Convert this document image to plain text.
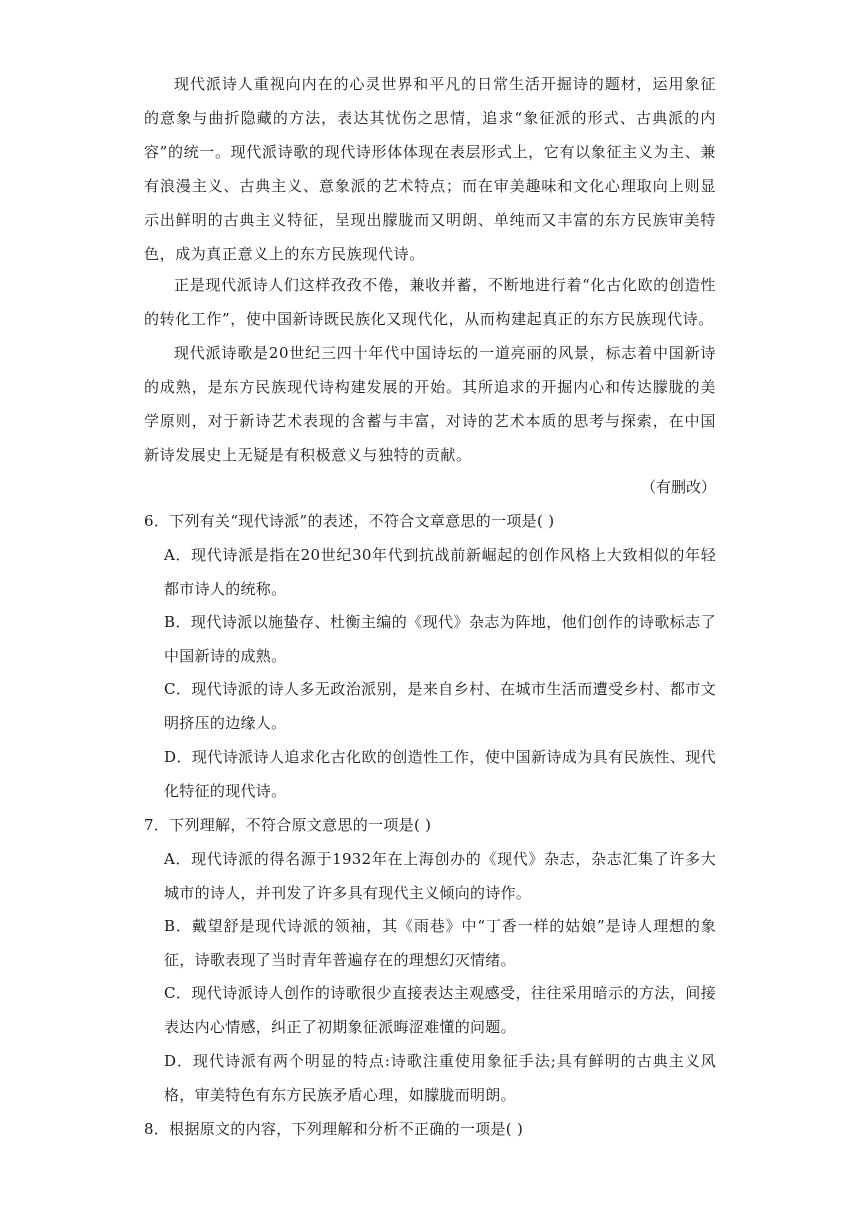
现代派诗人重视向内在的心灵世界和平凡的日常生活开掘诗的题材，运用象征的意象与曲折隐藏的方法，表达其忧伤之思情，追求“象征派的形式、古典派的内容”的统一。现代派诗歌的现代诗形体体现在表层形式上，它有以象征主义为主、兼有浪漫主义、古典主义、意象派的艺术特点；而在审美趣味和文化心理取向上则显示出鲜明的古典主义特征，呈现出朦胧而又明朗、单纯而又丰富的东方民族审美特色，成为真正意义上的东方民族现代诗。

正是现代派诗人们这样孜孜不倦，兼收并蓄，不断地进行着“化古化欧的创造性的转化工作”，使中国新诗既民族化又现代化，从而构建起真正的东方民族现代诗。

现代派诗歌是20世纪三四十年代中国诗坛的一道亮丽的风景，标志着中国新诗的成熟，是东方民族现代诗构建发展的开始。其所追求的开掘内心和传达朦胧的美学原则，对于新诗艺术表现的含蓄与丰富，对诗的艺术本质的思考与探索，在中国新诗发展史上无疑是有积极意义与独特的贡献。

（有删改）

6．下列有关“现代诗派”的表述，不符合文章意思的一项是( )

A．现代诗派是指在20世纪30年代到抗战前新崛起的创作风格上大致相似的年轻都市诗人的统称。

B．现代诗派以施蛰存、杜衡主编的《现代》杂志为阵地，他们创作的诗歌标志了中国新诗的成熟。

C．现代诗派的诗人多无政治派别，是来自乡村、在城市生活而遭受乡村、都市文明挤压的边缘人。

D．现代诗派诗人追求化古化欧的创造性工作，使中国新诗成为具有民族性、现代化特征的现代诗。

7．下列理解，不符合原文意思的一项是( )

A．现代诗派的得名源于1932年在上海创办的《现代》杂志，杂志汇集了许多大城市的诗人，并刊发了许多具有现代主义倾向的诗作。

B．戴望舒是现代诗派的领袖，其《雨巷》中“丁香一样的姑娘”是诗人理想的象征，诗歌表现了当时青年普遍存在的理想幻灭情绪。

C．现代诗派诗人创作的诗歌很少直接表达主观感受，往往采用暗示的方法，间接表达内心情感，纠正了初期象征派晦涩难懂的问题。

D．现代诗派有两个明显的特点:诗歌注重使用象征手法;具有鲜明的古典主义风格，审美特色有东方民族矛盾心理，如朦胧而明朗。

8．根据原文的内容，下列理解和分析不正确的一项是( )
